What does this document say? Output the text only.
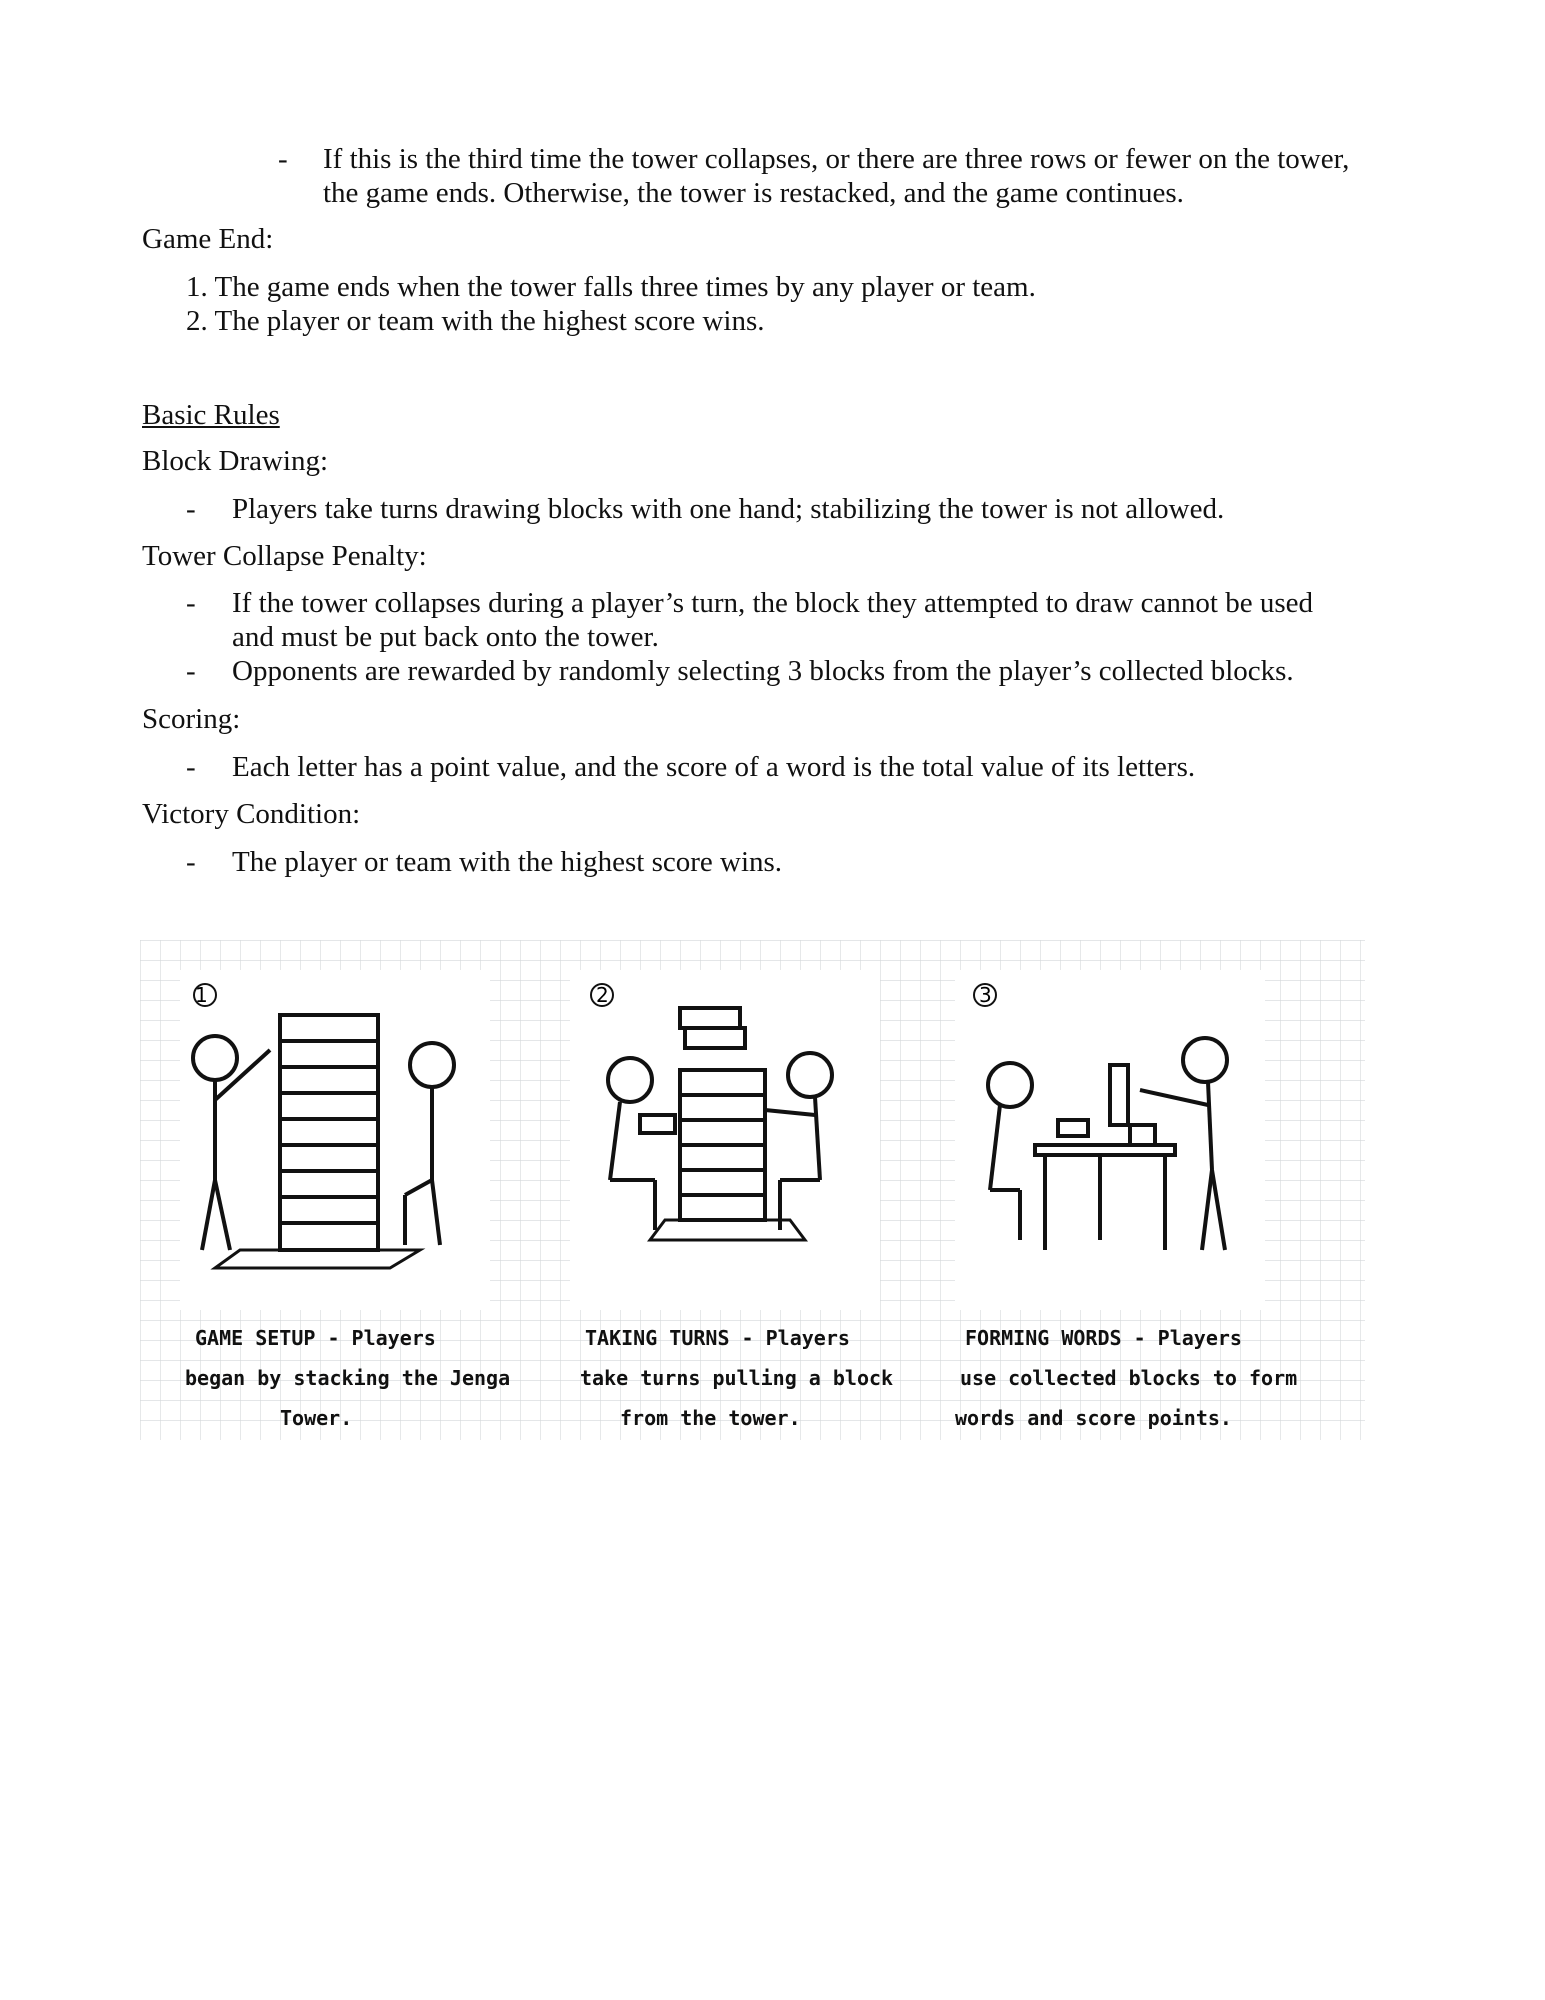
- If this is the third time the tower collapses, or there are three rows or fewer on the tower,
the game ends. Otherwise, the tower is restacked, and the game continues.
Game End:
1. The game ends when the tower falls three times by any player or team.
2. The player or team with the highest score wins.
Basic Rules
Block Drawing:
- Players take turns drawing blocks with one hand; stabilizing the tower is not allowed.
Tower Collapse Penalty:
- If the tower collapses during a player’s turn, the block they attempted to draw cannot be used
and must be put back onto the tower.
- Opponents are rewarded by randomly selecting 3 blocks from the player’s collected blocks.
Scoring:
- Each letter has a point value, and the score of a word is the total value of its letters.
Victory Condition:
- The player or team with the highest score wins.
1
GAME SETUP - Players
began by stacking the Jenga
Tower.
2
TAKING TURNS - Players
take turns pulling a block
from the tower.
3
FORMING WORDS - Players
use collected blocks to form
words and score points.
